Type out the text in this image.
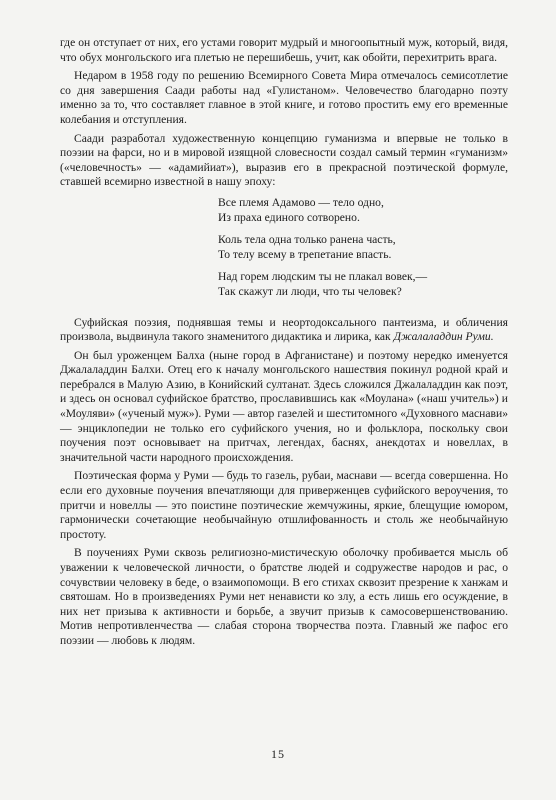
где он отступает от них, его устами говорит мудрый и многоопытный муж, который, видя, что обух монгольского ига плетью не перешибешь, учит, как обойти, перехитрить врага.

Недаром в 1958 году по решению Всемирного Совета Мира отмечалось семисотлетие со дня завершения Саади работы над «Гулистаном». Человечество благодарно поэту именно за то, что составляет главное в этой книге, и готово простить ему его временные колебания и отступления.

Саади разработал художественную концепцию гуманизма и впервые не только в поэзии на фарси, но и в мировой изящной словесности создал самый термин «гуманизм» («человечность» — «адамийиат»), выразив его в прекрасной поэтической формуле, ставшей всемирно известной в нашу эпоху:

Все племя Адамово — тело одно,
Из праха единого сотворено.
Коль тела одна только ранена часть,
То телу всему в трепетание впасть.
Над горем людским ты не плакал вовек,—
Так скажут ли люди, что ты человек?

Суфийская поэзия, поднявшая темы и неортодоксального пантеизма, и обличения произвола, выдвинула такого знаменитого дидактика и лирика, как Джалаладдин Руми.

Он был уроженцем Балха (ныне город в Афганистане) и поэтому нередко именуется Джалаладдин Балхи. Отец его к началу монгольского нашествия покинул родной край и перебрался в Малую Азию, в Конийский султанат. Здесь сложился Джалаладдин как поэт, и здесь он основал суфийское братство, прославившись как «Моулана» («наш учитель») и «Моуляви» («ученый муж»). Руми — автор газелей и шеститомного «Духовного маснави» — энциклопедии не только его суфийского учения, но и фольклора, поскольку свои поучения поэт основывает на притчах, легендах, баснях, анекдотах и новеллах, в значительной части народного происхождения.

Поэтическая форма у Руми — будь то газель, рубаи, маснави — всегда совершенна. Но если его духовные поучения впечатляющи для приверженцев суфийского вероучения, то притчи и новеллы — это поистине поэтические жемчужины, яркие, блещущие юмором, гармонически сочетающие необычайную отшлифованность и столь же необычайную простоту.

В поучениях Руми сквозь религиозно-мистическую оболочку пробивается мысль об уважении к человеческой личности, о братстве людей и содружестве народов и рас, о сочувствии человеку в беде, о взаимопомощи. В его стихах сквозит презрение к ханжам и святошам. Но в произведениях Руми нет ненависти ко злу, а есть лишь его осуждение, в них нет призыва к активности и борьбе, а звучит призыв к самосовершенствованию. Мотив непротивленчества — слабая сторона творчества поэта. Главный же пафос его поэзии — любовь к людям.

15
